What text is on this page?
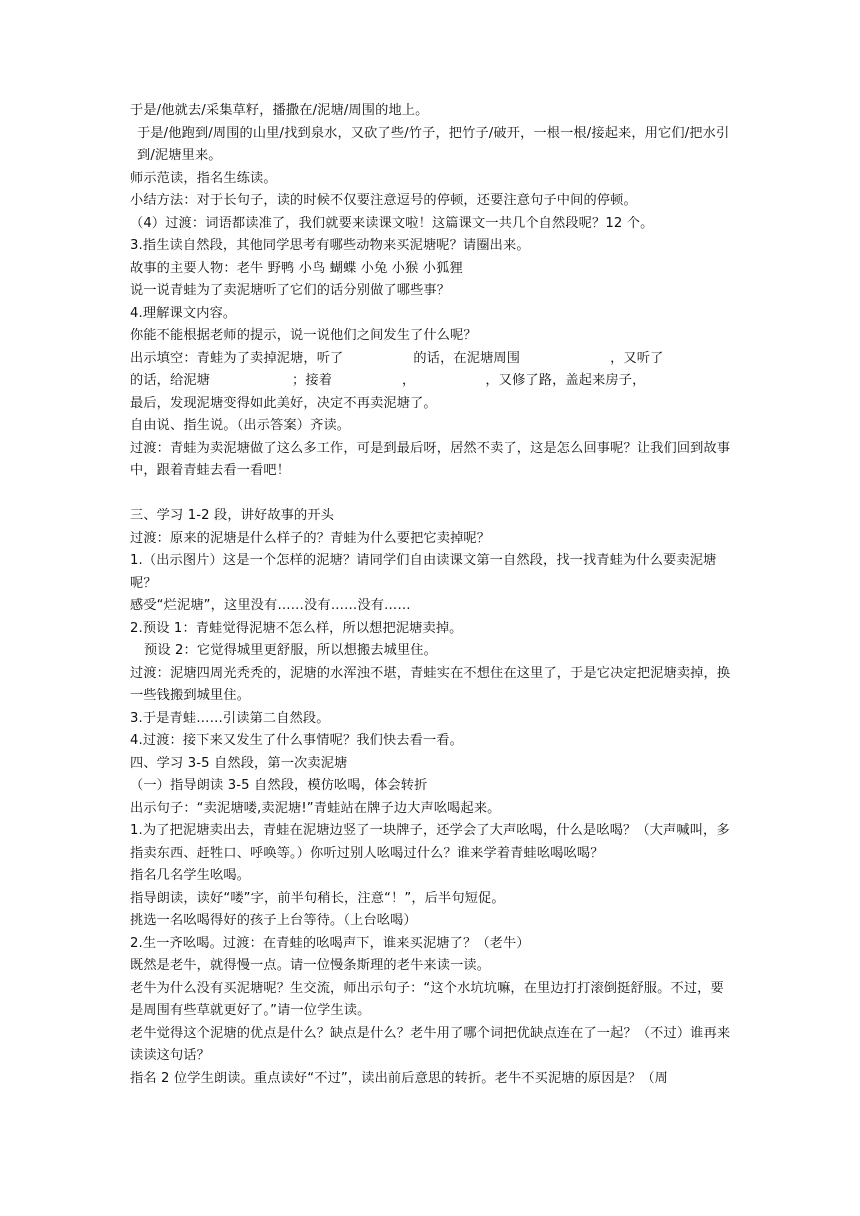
于是/他就去/采集草籽，播撒在/泥塘/周围的地上。
于是/他跑到/周围的山里/找到泉水，又砍了些/竹子，把竹子/破开，一根一根/接起来，用它们/把水引到/泥塘里来。
师示范读，指名生练读。
小结方法：对于长句子，读的时候不仅要注意逗号的停顿，还要注意句子中间的停顿。
（4）过渡：词语都读准了，我们就要来读课文啦！这篇课文一共几个自然段呢？12 个。
3.指生读自然段，其他同学思考有哪些动物来买泥塘呢？请圈出来。
故事的主要人物：老牛 野鸭 小鸟 蝴蝶 小兔 小猴 小狐狸
说一说青蛙为了卖泥塘听了它们的话分别做了哪些事？
4.理解课文内容。
你能不能根据老师的提示，说一说他们之间发生了什么呢？
出示填空：青蛙为了卖掉泥塘，听了	的话，在泥塘周围	，又听了
的话，给泥塘	；接着	，	，又修了路，盖起来房子，
最后，发现泥塘变得如此美好，决定不再卖泥塘了。
自由说、指生说。（出示答案）齐读。
过渡：青蛙为卖泥塘做了这么多工作，可是到最后呀，居然不卖了，这是怎么回事呢？让我们回到故事中，跟着青蛙去看一看吧！
三、学习 1-2 段，讲好故事的开头
过渡：原来的泥塘是什么样子的？青蛙为什么要把它卖掉呢？
1.（出示图片）这是一个怎样的泥塘？请同学们自由读课文第一自然段，找一找青蛙为什么要卖泥塘呢？
感受“烂泥塘”，这里没有……没有……没有……
2.预设 1：青蛙觉得泥塘不怎么样，所以想把泥塘卖掉。
预设 2：它觉得城里更舒服，所以想搬去城里住。
过渡：泥塘四周光秃秃的，泥塘的水浑浊不堪，青蛙实在不想住在这里了，于是它决定把泥塘卖掉，换一些钱搬到城里住。
3.于是青蛙……引读第二自然段。
4.过渡：接下来又发生了什么事情呢？我们快去看一看。
四、学习 3-5 自然段，第一次卖泥塘
（一）指导朗读 3-5 自然段，模仿吆喝，体会转折
出示句子：“卖泥塘喽,卖泥塘!”青蛙站在牌子边大声吆喝起来。
1.为了把泥塘卖出去，青蛙在泥塘边竖了一块牌子，还学会了大声吆喝，什么是吆喝？（大声喊叫，多指卖东西、赶牲口、呼唤等。）你听过别人吆喝过什么？谁来学着青蛙吆喝吆喝？
指名几名学生吆喝。
指导朗读，读好“喽”字，前半句稍长，注意“！”，后半句短促。
挑选一名吆喝得好的孩子上台等待。（上台吆喝）
2.生一齐吆喝。过渡：在青蛙的吆喝声下，谁来买泥塘了？（老牛）
既然是老牛，就得慢一点。请一位慢条斯理的老牛来读一读。
老牛为什么没有买泥塘呢？生交流，师出示句子：“这个水坑坑嘛，在里边打打滚倒挺舒服。不过，要是周围有些草就更好了。”请一位学生读。
老牛觉得这个泥塘的优点是什么？缺点是什么？老牛用了哪个词把优缺点连在了一起？（不过）谁再来读读这句话？
指名 2 位学生朗读。重点读好“不过”，读出前后意思的转折。老牛不买泥塘的原因是？（周
